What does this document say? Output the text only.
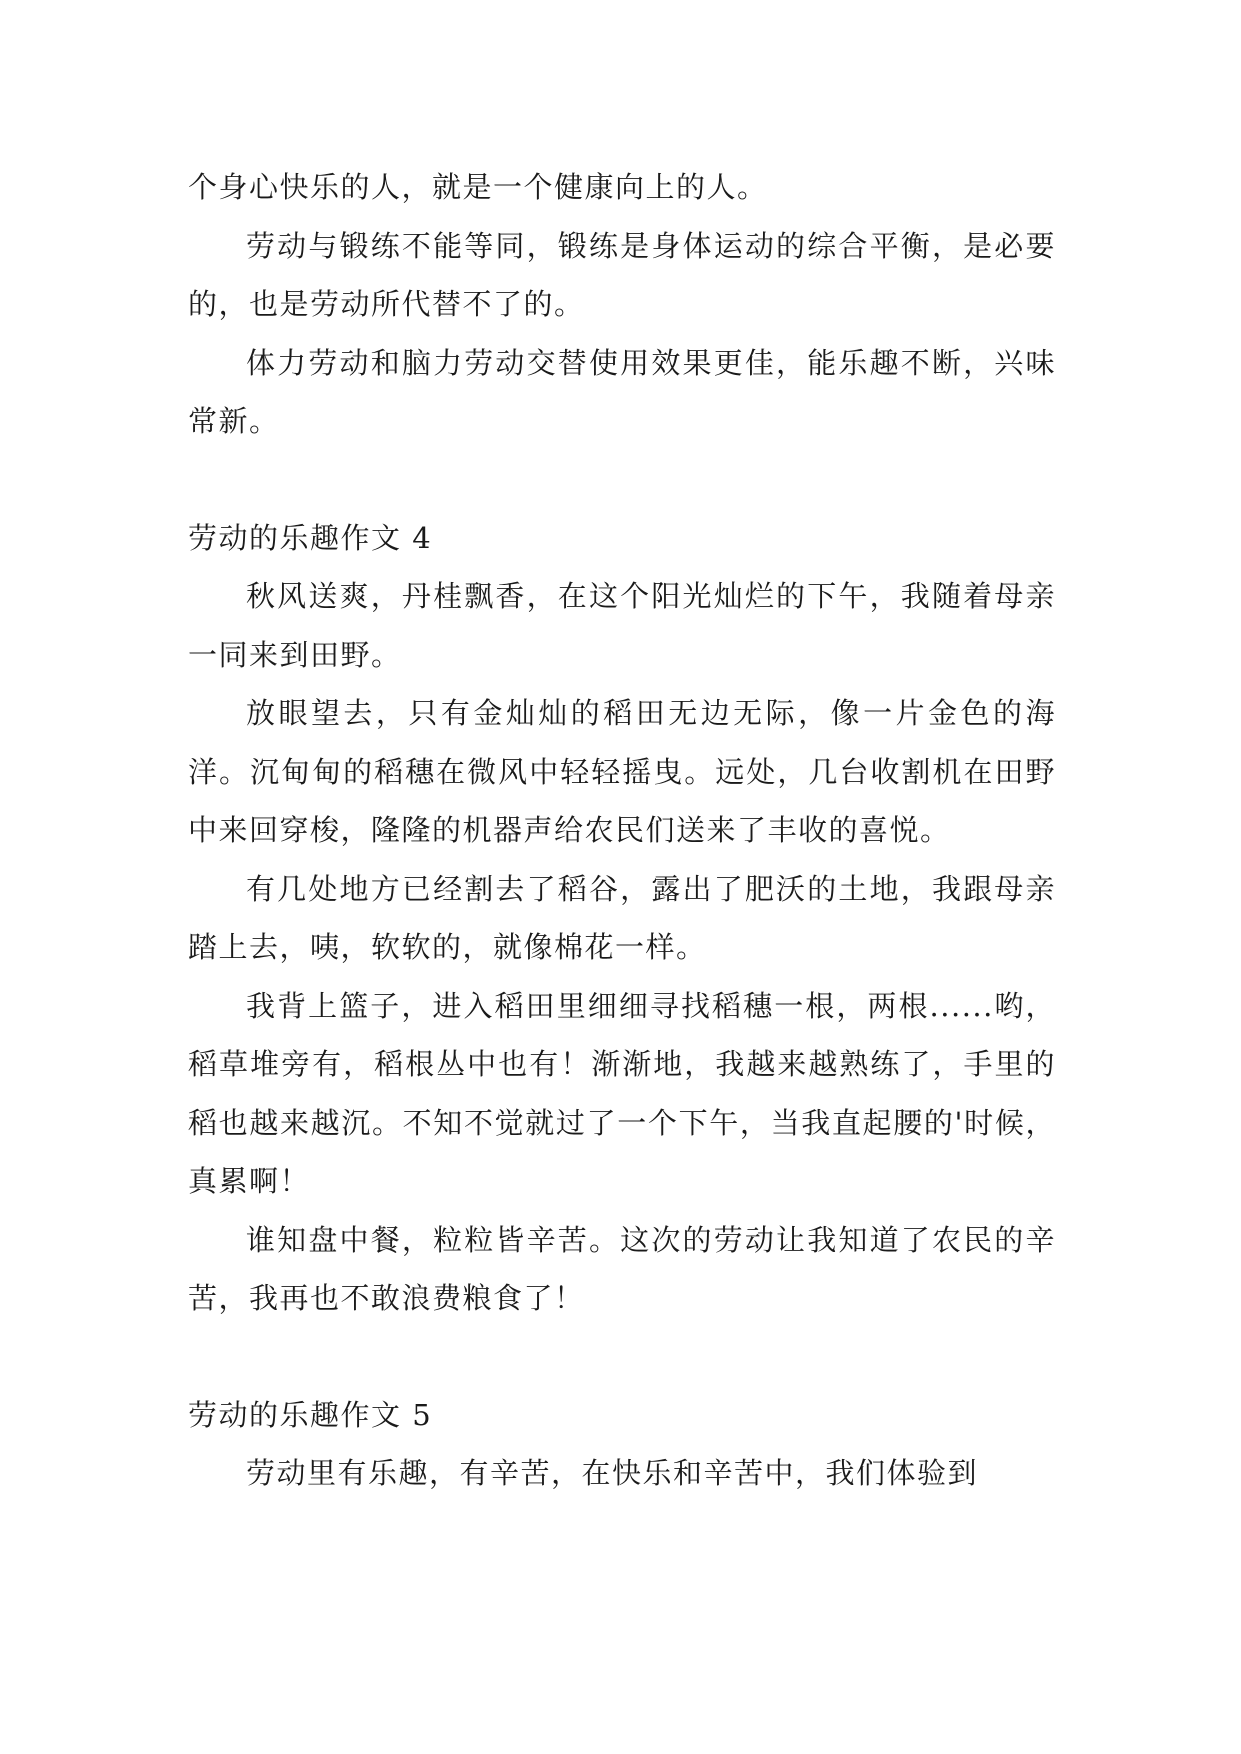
个身心快乐的人，就是一个健康向上的人。

劳动与锻练不能等同，锻练是身体运动的综合平衡，是必要的，也是劳动所代替不了的。

体力劳动和脑力劳动交替使用效果更佳，能乐趣不断，兴味常新。

劳动的乐趣作文 4

秋风送爽，丹桂飘香，在这个阳光灿烂的下午，我随着母亲一同来到田野。

放眼望去，只有金灿灿的稻田无边无际，像一片金色的海洋。沉甸甸的稻穗在微风中轻轻摇曳。远处，几台收割机在田野中来回穿梭，隆隆的机器声给农民们送来了丰收的喜悦。

有几处地方已经割去了稻谷，露出了肥沃的土地，我跟母亲踏上去，咦，软软的，就像棉花一样。

我背上篮子，进入稻田里细细寻找稻穗一根，两根......哟，稻草堆旁有，稻根丛中也有！渐渐地，我越来越熟练了，手里的稻也越来越沉。不知不觉就过了一个下午，当我直起腰的'时候，真累啊！

谁知盘中餐，粒粒皆辛苦。这次的劳动让我知道了农民的辛苦，我再也不敢浪费粮食了！

劳动的乐趣作文 5

劳动里有乐趣，有辛苦，在快乐和辛苦中，我们体验到
